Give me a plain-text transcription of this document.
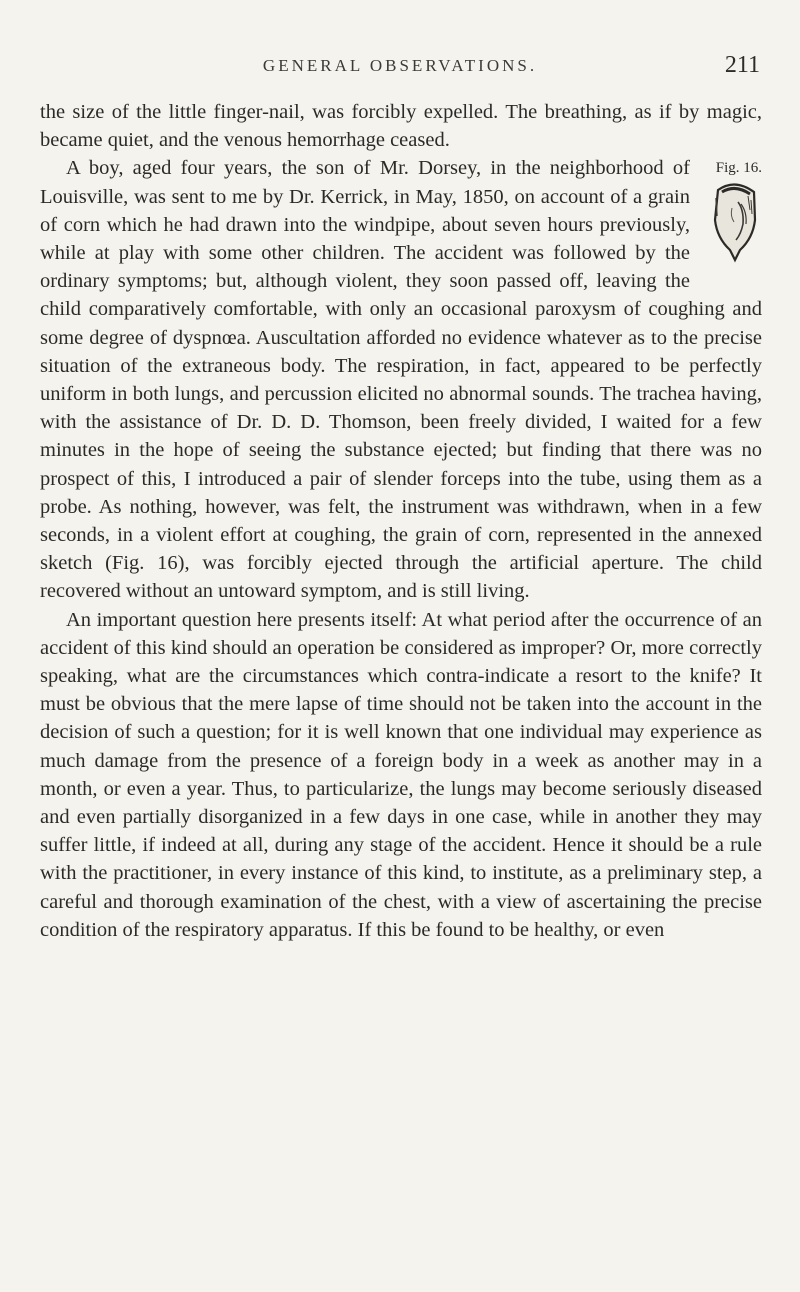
GENERAL OBSERVATIONS.	211

the size of the little finger-nail, was forcibly expelled. The breathing, as if by magic, became quiet, and the venous hemorrhage ceased.

Fig. 16.

A boy, aged four years, the son of Mr. Dorsey, in the neighborhood of Louisville, was sent to me by Dr. Kerrick, in May, 1850, on account of a grain of corn which he had drawn into the windpipe, about seven hours previously, while at play with some other children. The accident was followed by the ordinary symptoms; but, although violent, they soon passed off, leaving the child comparatively comfortable, with only an occasional paroxysm of coughing and some degree of dyspnœa. Auscultation afforded no evidence whatever as to the precise situation of the extraneous body. The respiration, in fact, appeared to be perfectly uniform in both lungs, and percussion elicited no abnormal sounds. The trachea having, with the assistance of Dr. D. D. Thomson, been freely divided, I waited for a few minutes in the hope of seeing the substance ejected; but finding that there was no prospect of this, I introduced a pair of slender forceps into the tube, using them as a probe. As nothing, however, was felt, the instrument was withdrawn, when in a few seconds, in a violent effort at coughing, the grain of corn, represented in the annexed sketch (Fig. 16), was forcibly ejected through the artificial aperture. The child recovered without an untoward symptom, and is still living.

An important question here presents itself: At what period after the occurrence of an accident of this kind should an operation be considered as improper? Or, more correctly speaking, what are the circumstances which contra-indicate a resort to the knife? It must be obvious that the mere lapse of time should not be taken into the account in the decision of such a question; for it is well known that one individual may experience as much damage from the presence of a foreign body in a week as another may in a month, or even a year. Thus, to particularize, the lungs may become seriously diseased and even partially disorganized in a few days in one case, while in another they may suffer little, if indeed at all, during any stage of the accident. Hence it should be a rule with the practitioner, in every instance of this kind, to institute, as a preliminary step, a careful and thorough examination of the chest, with a view of ascertaining the precise condition of the respiratory apparatus. If this be found to be healthy, or even
